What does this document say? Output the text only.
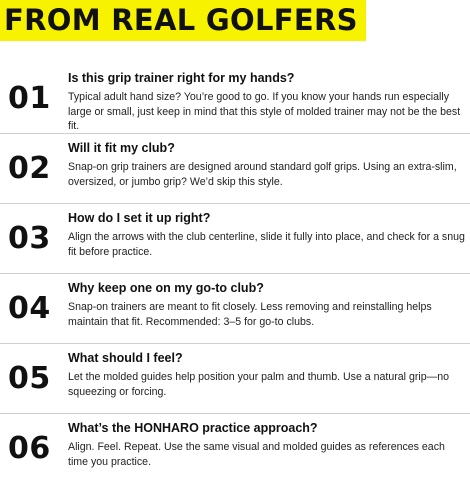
FROM REAL GOLFERS
01
Is this grip trainer right for my hands?
Typical adult hand size? You’re good to go. If you know your hands run especially large or small, just keep in mind that this style of molded trainer may not be the best fit.
02
Will it fit my club?
Snap-on grip trainers are designed around standard golf grips. Using an extra-slim, oversized, or jumbo grip? We’d skip this style.
03
How do I set it up right?
Align the arrows with the club centerline, slide it fully into place, and check for a snug fit before practice.
04
Why keep one on my go-to club?
Snap-on trainers are meant to fit closely. Less removing and reinstalling helps maintain that fit. Recommended: 3–5 for go-to clubs.
05
What should I feel?
Let the molded guides help position your palm and thumb. Use a natural grip—no squeezing or forcing.
06
What’s the HONHARO practice approach?
Align. Feel. Repeat. Use the same visual and molded guides as references each time you practice.
